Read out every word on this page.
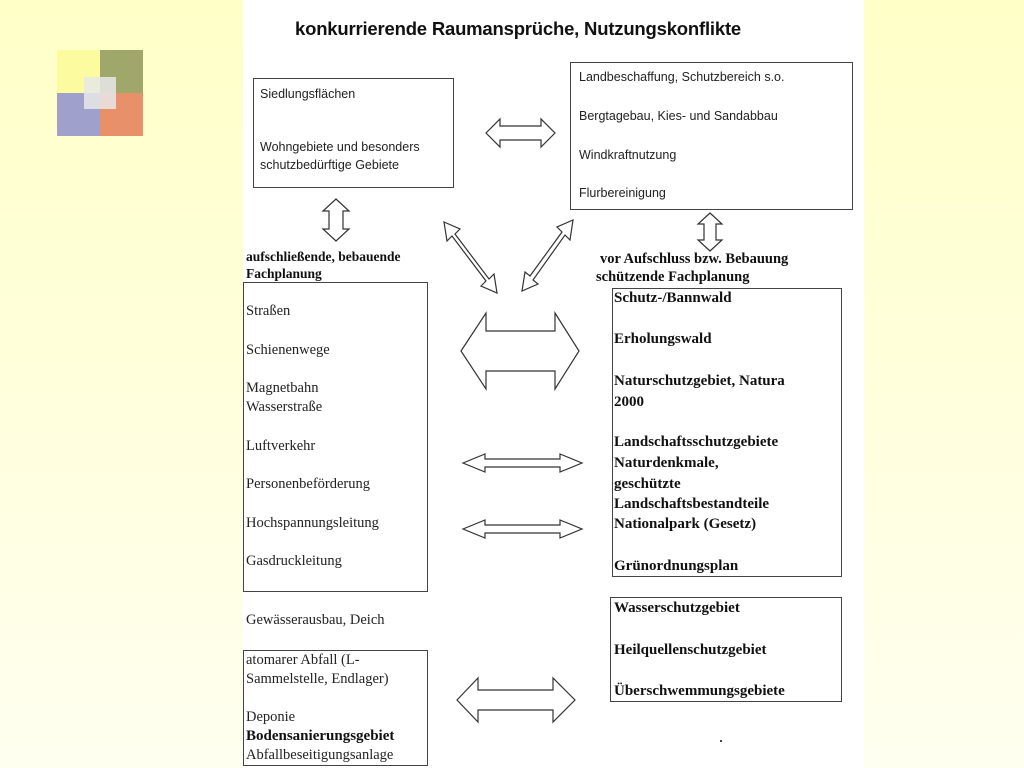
konkurrierende Raumansprüche, Nutzungskonflikte
Siedlungsflächen
Wohngebiete und besonders
schutzbedürftige Gebiete
Landbeschaffung, Schutzbereich s.o.
Bergtagebau, Kies- und Sandabbau
Windkraftnutzung
Flurbereinigung
aufschließende, bebauende
Fachplanung
vor Aufschluss bzw. Bebauung
schützende Fachplanung
Straßen
Schienenwege
Magnetbahn
Wasserstraße
Luftverkehr
Personenbeförderung
Hochspannungsleitung
Gasdruckleitung
Gewässerausbau, Deich
atomarer Abfall (L-
Sammelstelle, Endlager)
Deponie
Bodensanierungsgebiet
Abfallbeseitigungsanlage
Schutz-/Bannwald
Erholungswald
Naturschutzgebiet, Natura
2000
Landschaftsschutzgebiete
Naturdenkmale,
geschützte
Landschaftsbestandteile
Nationalpark (Gesetz)
Grünordnungsplan
Wasserschutzgebiet
Heilquellenschutzgebiet
Überschwemmungsgebiete
